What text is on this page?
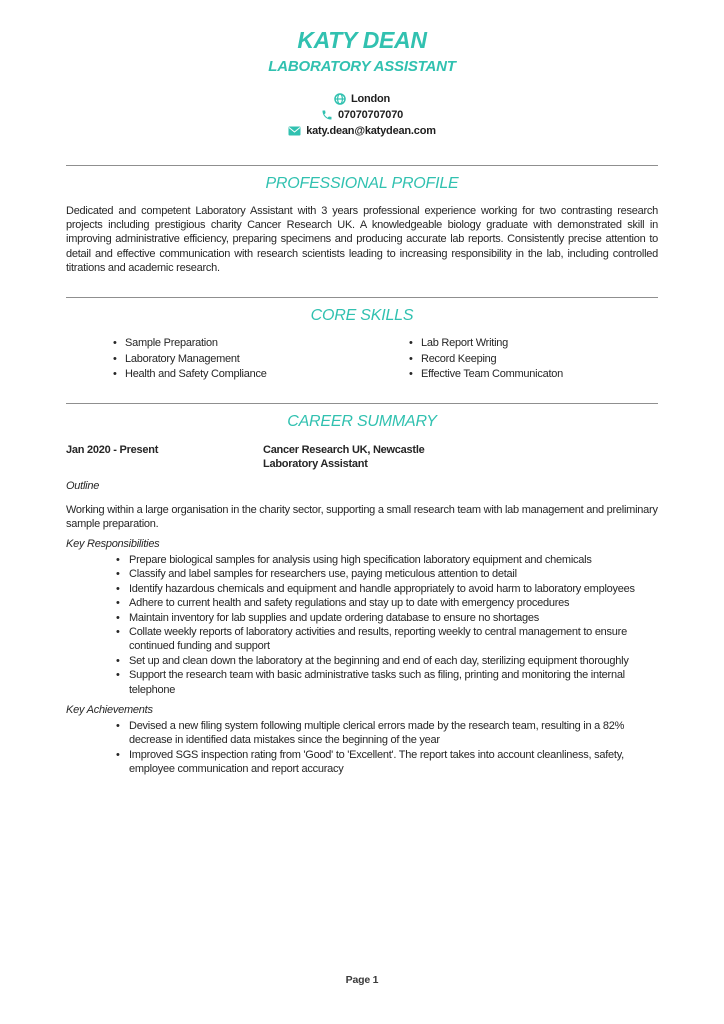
KATY DEAN
LABORATORY ASSISTANT
London
07070707070
katy.dean@katydean.com
PROFESSIONAL PROFILE

Dedicated and competent Laboratory Assistant with 3 years professional experience working for two contrasting research projects including prestigious charity Cancer Research UK. A knowledgeable biology graduate with demonstrated skill in improving administrative efficiency, preparing specimens and producing accurate lab reports. Consistently precise attention to detail and effective communication with research scientists leading to increasing responsibility in the lab, including controlled titrations and academic research.

CORE SKILLS
• Sample Preparation
• Laboratory Management
• Health and Safety Compliance
• Lab Report Writing
• Record Keeping
• Effective Team Communicaton
CAREER SUMMARY
Jan 2020 - Present	Cancer Research UK, Newcastle
Laboratory Assistant
Outline

Working within a large organisation in the charity sector, supporting a small research team with lab management and preliminary sample preparation.

Key Responsibilities
• Prepare biological samples for analysis using high specification laboratory equipment and chemicals
• Classify and label samples for researchers use, paying meticulous attention to detail
• Identify hazardous chemicals and equipment and handle appropriately to avoid harm to laboratory employees
• Adhere to current health and safety regulations and stay up to date with emergency procedures
• Maintain inventory for lab supplies and update ordering database to ensure no shortages
• Collate weekly reports of laboratory activities and results, reporting weekly to central management to ensure continued funding and support
• Set up and clean down the laboratory at the beginning and end of each day, sterilizing equipment thoroughly
• Support the research team with basic administrative tasks such as filing, printing and monitoring the internal telephone
Key Achievements
• Devised a new filing system following multiple clerical errors made by the research team, resulting in a 82% decrease in identified data mistakes since the beginning of the year
• Improved SGS inspection rating from 'Good' to 'Excellent'. The report takes into account cleanliness, safety, employee communication and report accuracy
Page 1
